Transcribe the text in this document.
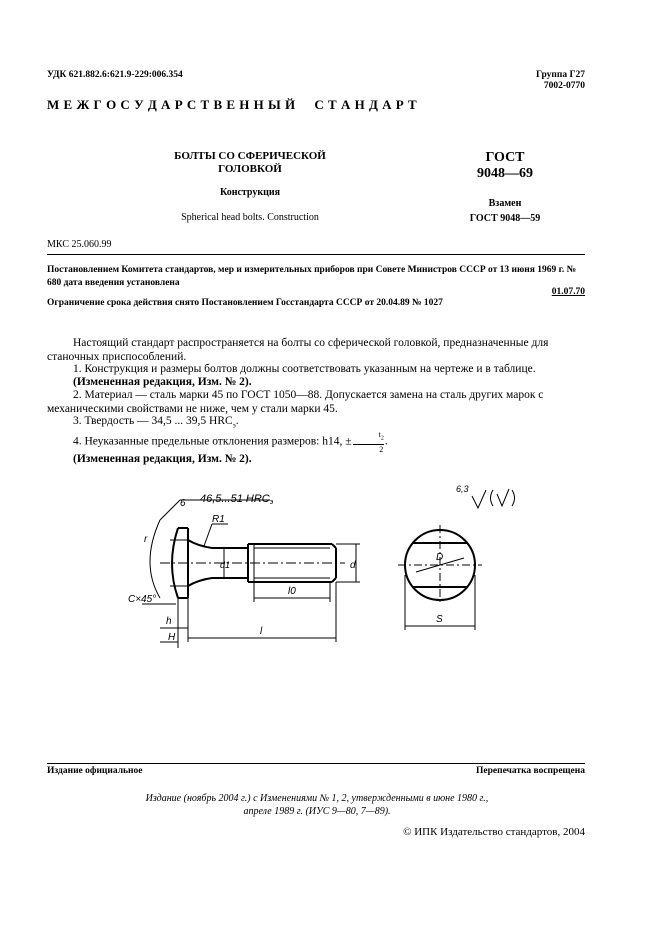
УДК 621.882.6:621.9-229:006.354	Группа Г27
7002-0770
М Е Ж Г О С У Д А Р С Т В Е Н Н Ы Й     С Т А Н Д А Р Т
БОЛТЫ СО СФЕРИЧЕСКОЙ
ГОЛОВКОЙ
Конструкция
Spherical head bolts. Construction
ГОСТ
9048—69
Взамен
ГОСТ 9048—59
МКС 25.060.99
Постановлением Комитета стандартов, мер и измерительных приборов при Совете Министров СССР от 13 июня 1969 г. № 680 дата введения установлена
01.07.70
Ограничение срока действия снято Постановлением Госстандарта СССР от 20.04.89 № 1027
Настоящий стандарт распространяется на болты со сферической головкой, предназначенные для станочных приспособлений.
1. Конструкция и размеры болтов должны соответствовать указанным на чертеже и в таблице.
(Измененная редакция, Изм. № 2).
2. Материал — сталь марки 45 по ГОСТ 1050—88. Допускается замена на сталь других марок с механическими свойствами не ниже, чем у стали марки 45.
3. Твердость — 34,5 ... 39,5 $HRC_э$.
4. Неуказанные предельные отклонения размеров: h14, ± $\frac{t_2}{2}$ .
(Измененная редакция, Изм. № 2).
46,5...51 HRCэ
6
r
R1
d1	d
l0
l
h
H
C×45°
D
S
6,3
Издание официальное	Перепечатка воспрещена
Издание (ноябрь 2004 г.) с Изменениями № 1, 2, утвержденными в июне 1980 г.,
апреле 1989 г. (ИУС 9—80, 7—89).
© ИПК Издательство стандартов, 2004
